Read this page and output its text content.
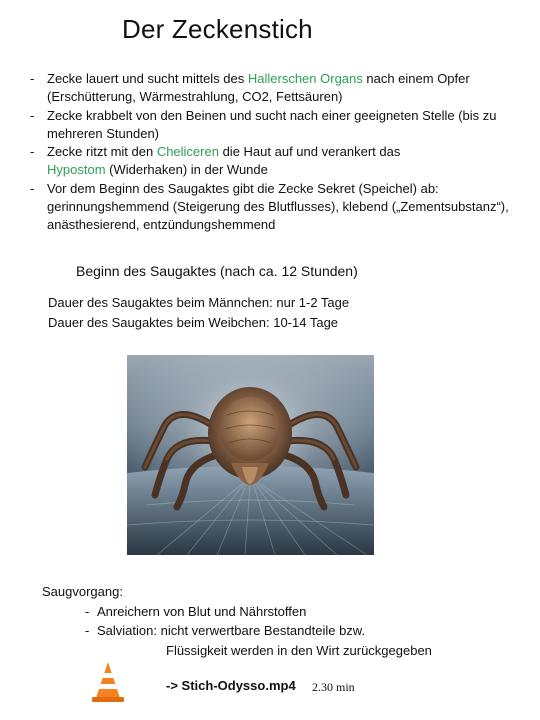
Der Zeckenstich
- Zecke lauert und sucht mittels des Hallerschen Organs nach einem Opfer (Erschütterung, Wärmestrahlung, CO2, Fettsäuren)
- Zecke krabbelt von den Beinen und sucht nach einer geeigneten Stelle (bis zu mehreren Stunden)
- Zecke ritzt mit den Cheliceren die Haut auf und verankert das
Hypostom (Widerhaken) in der Wunde
- Vor dem Beginn des Saugaktes gibt die Zecke Sekret (Speichel) ab: gerinnungshemmend (Steigerung des Blutflusses), klebend („Zementsubstanz“), anästhesierend, entzündungshemmend
Beginn des Saugaktes (nach ca. 12 Stunden)
Dauer des Saugaktes beim Männchen: nur 1-2 Tage
Dauer des Saugaktes beim Weibchen: 10-14 Tage
Saugvorgang:
- Anreichern von Blut und Nährstoffen
- Salviation: nicht verwertbare Bestandteile bzw.
Flüssigkeit werden in den Wirt zurückgegeben
-> Stich-Odysso.mp4 2.30 min
